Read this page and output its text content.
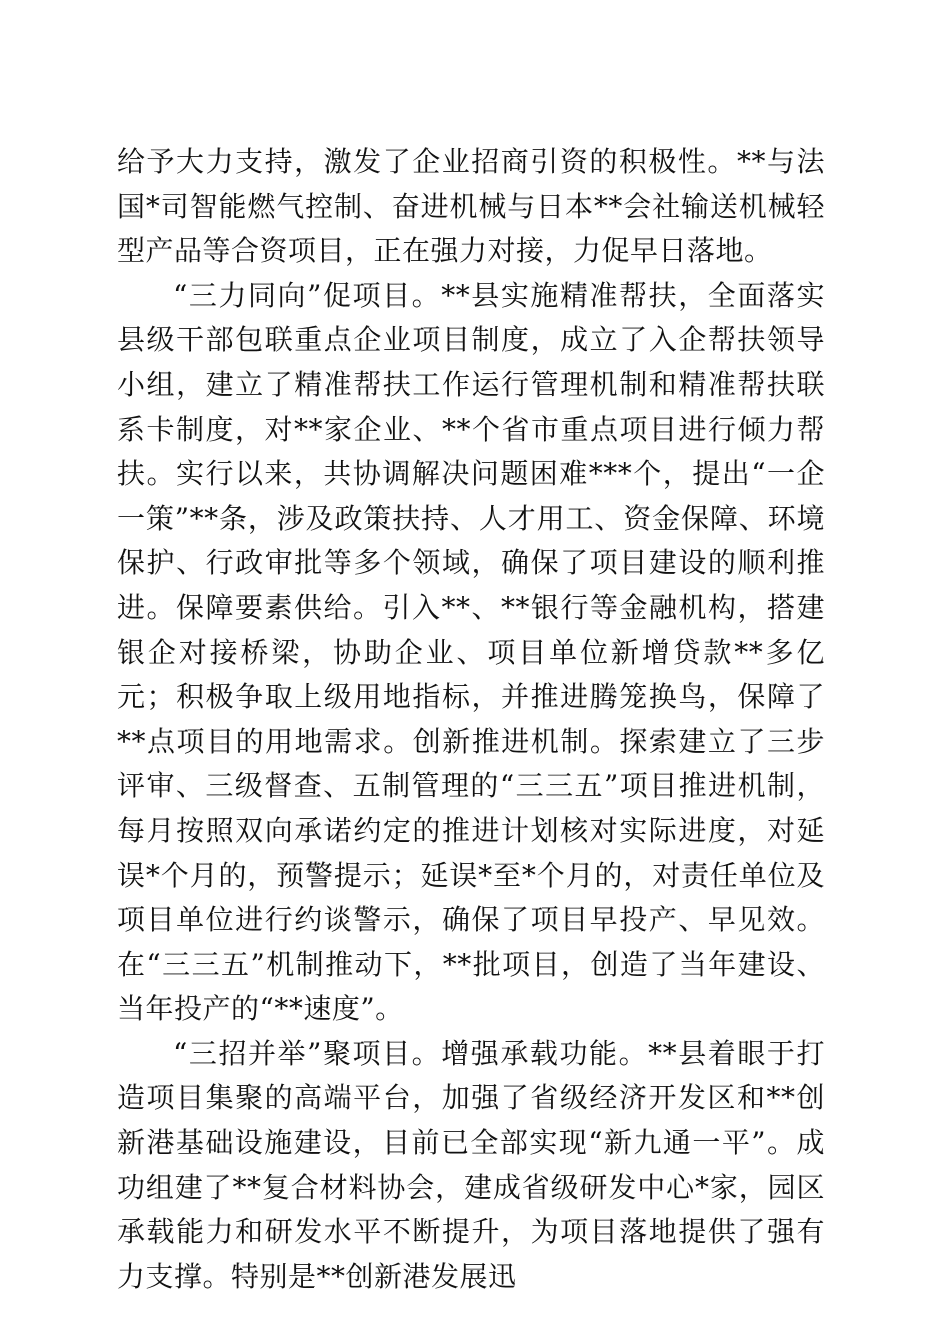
给予大力支持，激发了企业招商引资的积极性。**与法国*司智能燃气控制、奋进机械与日本**会社输送机械轻型产品等合资项目，正在强力对接，力促早日落地。

“三力同向”促项目。**县实施精准帮扶，全面落实县级干部包联重点企业项目制度，成立了入企帮扶领导小组，建立了精准帮扶工作运行管理机制和精准帮扶联系卡制度，对**家企业、**个省市重点项目进行倾力帮扶。实行以来，共协调解决问题困难***个，提出“一企一策”**条，涉及政策扶持、人才用工、资金保障、环境保护、行政审批等多个领域，确保了项目建设的顺利推进。保障要素供给。引入**、**银行等金融机构，搭建银企对接桥梁，协助企业、项目单位新增贷款**多亿元；积极争取上级用地指标，并推进腾笼换鸟，保障了**点项目的用地需求。创新推进机制。探索建立了三步评审、三级督查、五制管理的“三三五”项目推进机制，每月按照双向承诺约定的推进计划核对实际进度，对延误*个月的，预警提示；延误*至*个月的，对责任单位及项目单位进行约谈警示，确保了项目早投产、早见效。在“三三五”机制推动下，**批项目，创造了当年建设、当年投产的“**速度”。

“三招并举”聚项目。增强承载功能。**县着眼于打造项目集聚的高端平台，加强了省级经济开发区和**创新港基础设施建设，目前已全部实现“新九通一平”。成功组建了**复合材料协会，建成省级研发中心*家，园区承载能力和研发水平不断提升，为项目落地提供了强有力支撑。特别是**创新港发展迅
